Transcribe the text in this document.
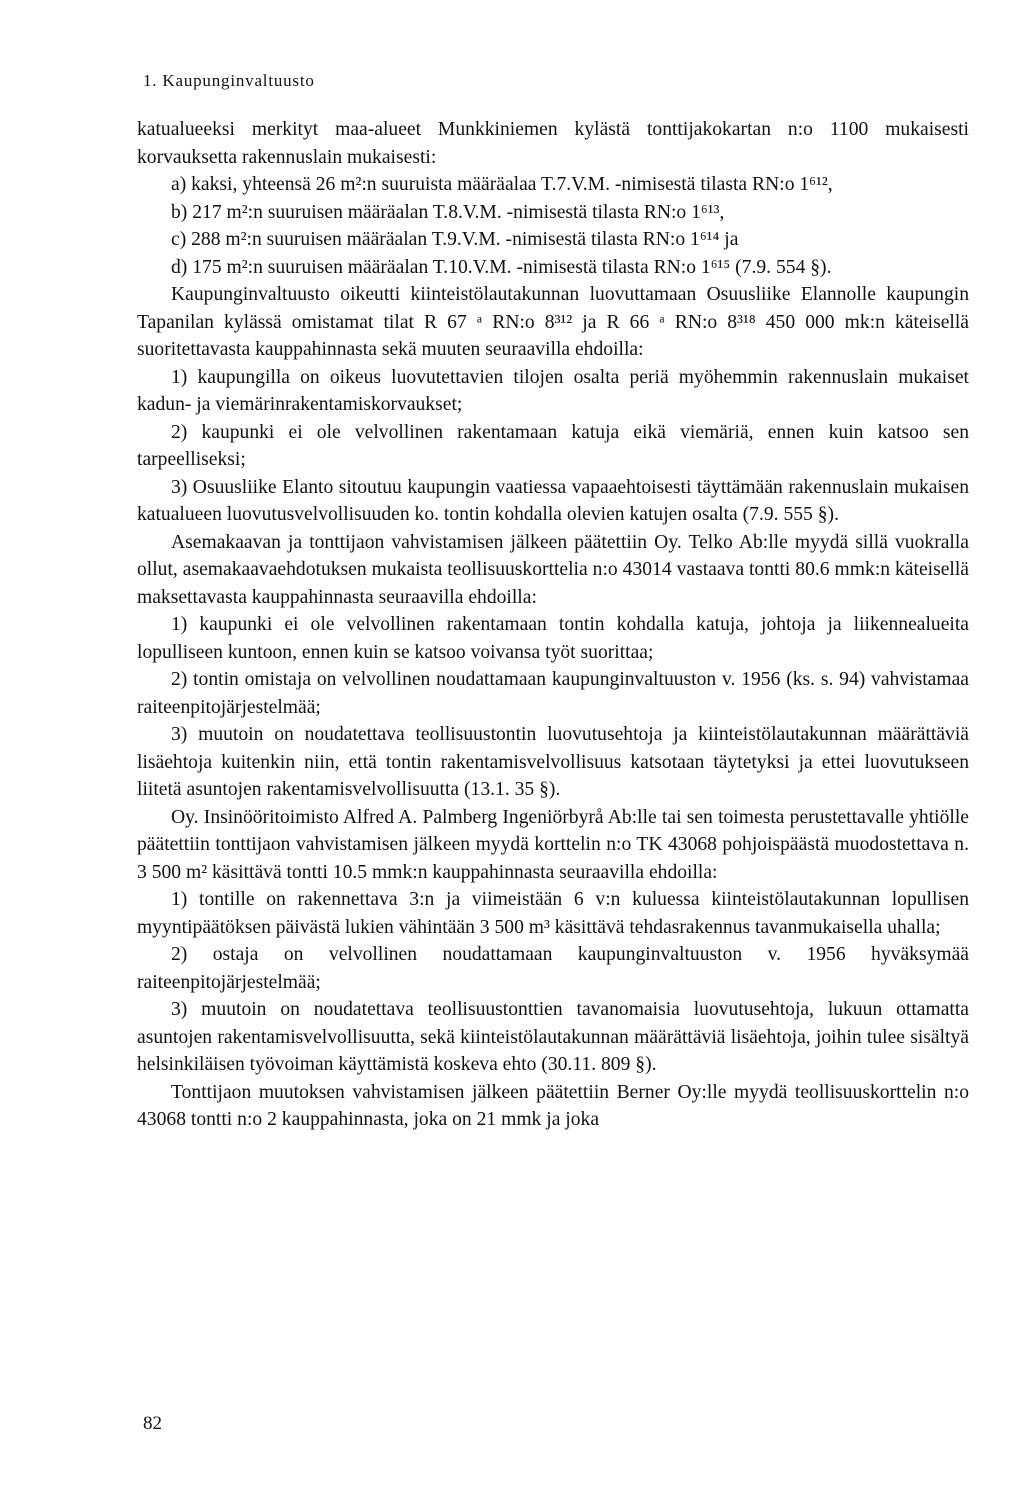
1. Kaupunginvaltuusto

katualueeksi merkityt maa-alueet Munkkiniemen kylästä tonttijakokartan n:o 1100 mukaisesti korvauksetta rakennuslain mukaisesti:

a) kaksi, yhteensä 26 m²:n suuruista määräalaa T.7.V.M. -nimisestä tilasta RN:o 1⁶¹²,

b) 217 m²:n suuruisen määräalan T.8.V.M. -nimisestä tilasta RN:o 1⁶¹³,

c) 288 m²:n suuruisen määräalan T.9.V.M. -nimisestä tilasta RN:o 1⁶¹⁴ ja

d) 175 m²:n suuruisen määräalan T.10.V.M. -nimisestä tilasta RN:o 1⁶¹⁵ (7.9. 554 §).

Kaupunginvaltuusto oikeutti kiinteistölautakunnan luovuttamaan Osuusliike Elannolle kaupungin Tapanilan kylässä omistamat tilat R 67 ᵃ RN:o 8³¹² ja R 66 ᵃ RN:o 8³¹⁸ 450 000 mk:n käteisellä suoritettavasta kauppahinnasta sekä muuten seuraavilla ehdoilla:

1) kaupungilla on oikeus luovutettavien tilojen osalta periä myöhemmin rakennuslain mukaiset kadun- ja viemärinrakentamiskorvaukset;

2) kaupunki ei ole velvollinen rakentamaan katuja eikä viemäriä, ennen kuin katsoo sen tarpeelliseksi;

3) Osuusliike Elanto sitoutuu kaupungin vaatiessa vapaaehtoisesti täyttämään rakennuslain mukaisen katualueen luovutusvelvollisuuden ko. tontin kohdalla olevien katujen osalta (7.9. 555 §).

Asemakaavan ja tonttijaon vahvistamisen jälkeen päätettiin Oy. Telko Ab:lle myydä sillä vuokralla ollut, asemakaavaehdotuksen mukaista teollisuuskorttelia n:o 43014 vastaava tontti 80.6 mmk:n käteisellä maksettavasta kauppahinnasta seuraavilla ehdoilla:

1) kaupunki ei ole velvollinen rakentamaan tontin kohdalla katuja, johtoja ja liikennealueita lopulliseen kuntoon, ennen kuin se katsoo voivansa työt suorittaa;

2) tontin omistaja on velvollinen noudattamaan kaupunginvaltuuston v. 1956 (ks. s. 94) vahvistamaa raiteenpitojärjestelmää;

3) muutoin on noudatettava teollisuustontin luovutusehtoja ja kiinteistölautakunnan määrättäviä lisäehtoja kuitenkin niin, että tontin rakentamisvelvollisuus katsotaan täytetyksi ja ettei luovutukseen liitetä asuntojen rakentamisvelvollisuutta (13.1. 35 §).

Oy. Insinööritoimisto Alfred A. Palmberg Ingeniörbyrå Ab:lle tai sen toimesta perustettavalle yhtiölle päätettiin tonttijaon vahvistamisen jälkeen myydä korttelin n:o TK 43068 pohjoispäästä muodostettava n. 3 500 m² käsittävä tontti 10.5 mmk:n kauppahinnasta seuraavilla ehdoilla:

1) tontille on rakennettava 3:n ja viimeistään 6 v:n kuluessa kiinteistölautakunnan lopullisen myyntipäätöksen päivästä lukien vähintään 3 500 m³ käsittävä tehdasrakennus tavanmukaisella uhalla;

2) ostaja on velvollinen noudattamaan kaupunginvaltuuston v. 1956 hyväksymää raiteenpitojärjestelmää;

3) muutoin on noudatettava teollisuustonttien tavanomaisia luovutusehtoja, lukuun ottamatta asuntojen rakentamisvelvollisuutta, sekä kiinteistölautakunnan määrättäviä lisäehtoja, joihin tulee sisältyä helsinkiläisen työvoiman käyttämistä koskeva ehto (30.11. 809 §).

Tonttijaon muutoksen vahvistamisen jälkeen päätettiin Berner Oy:lle myydä teollisuuskorttelin n:o 43068 tontti n:o 2 kauppahinnasta, joka on 21 mmk ja joka

82
